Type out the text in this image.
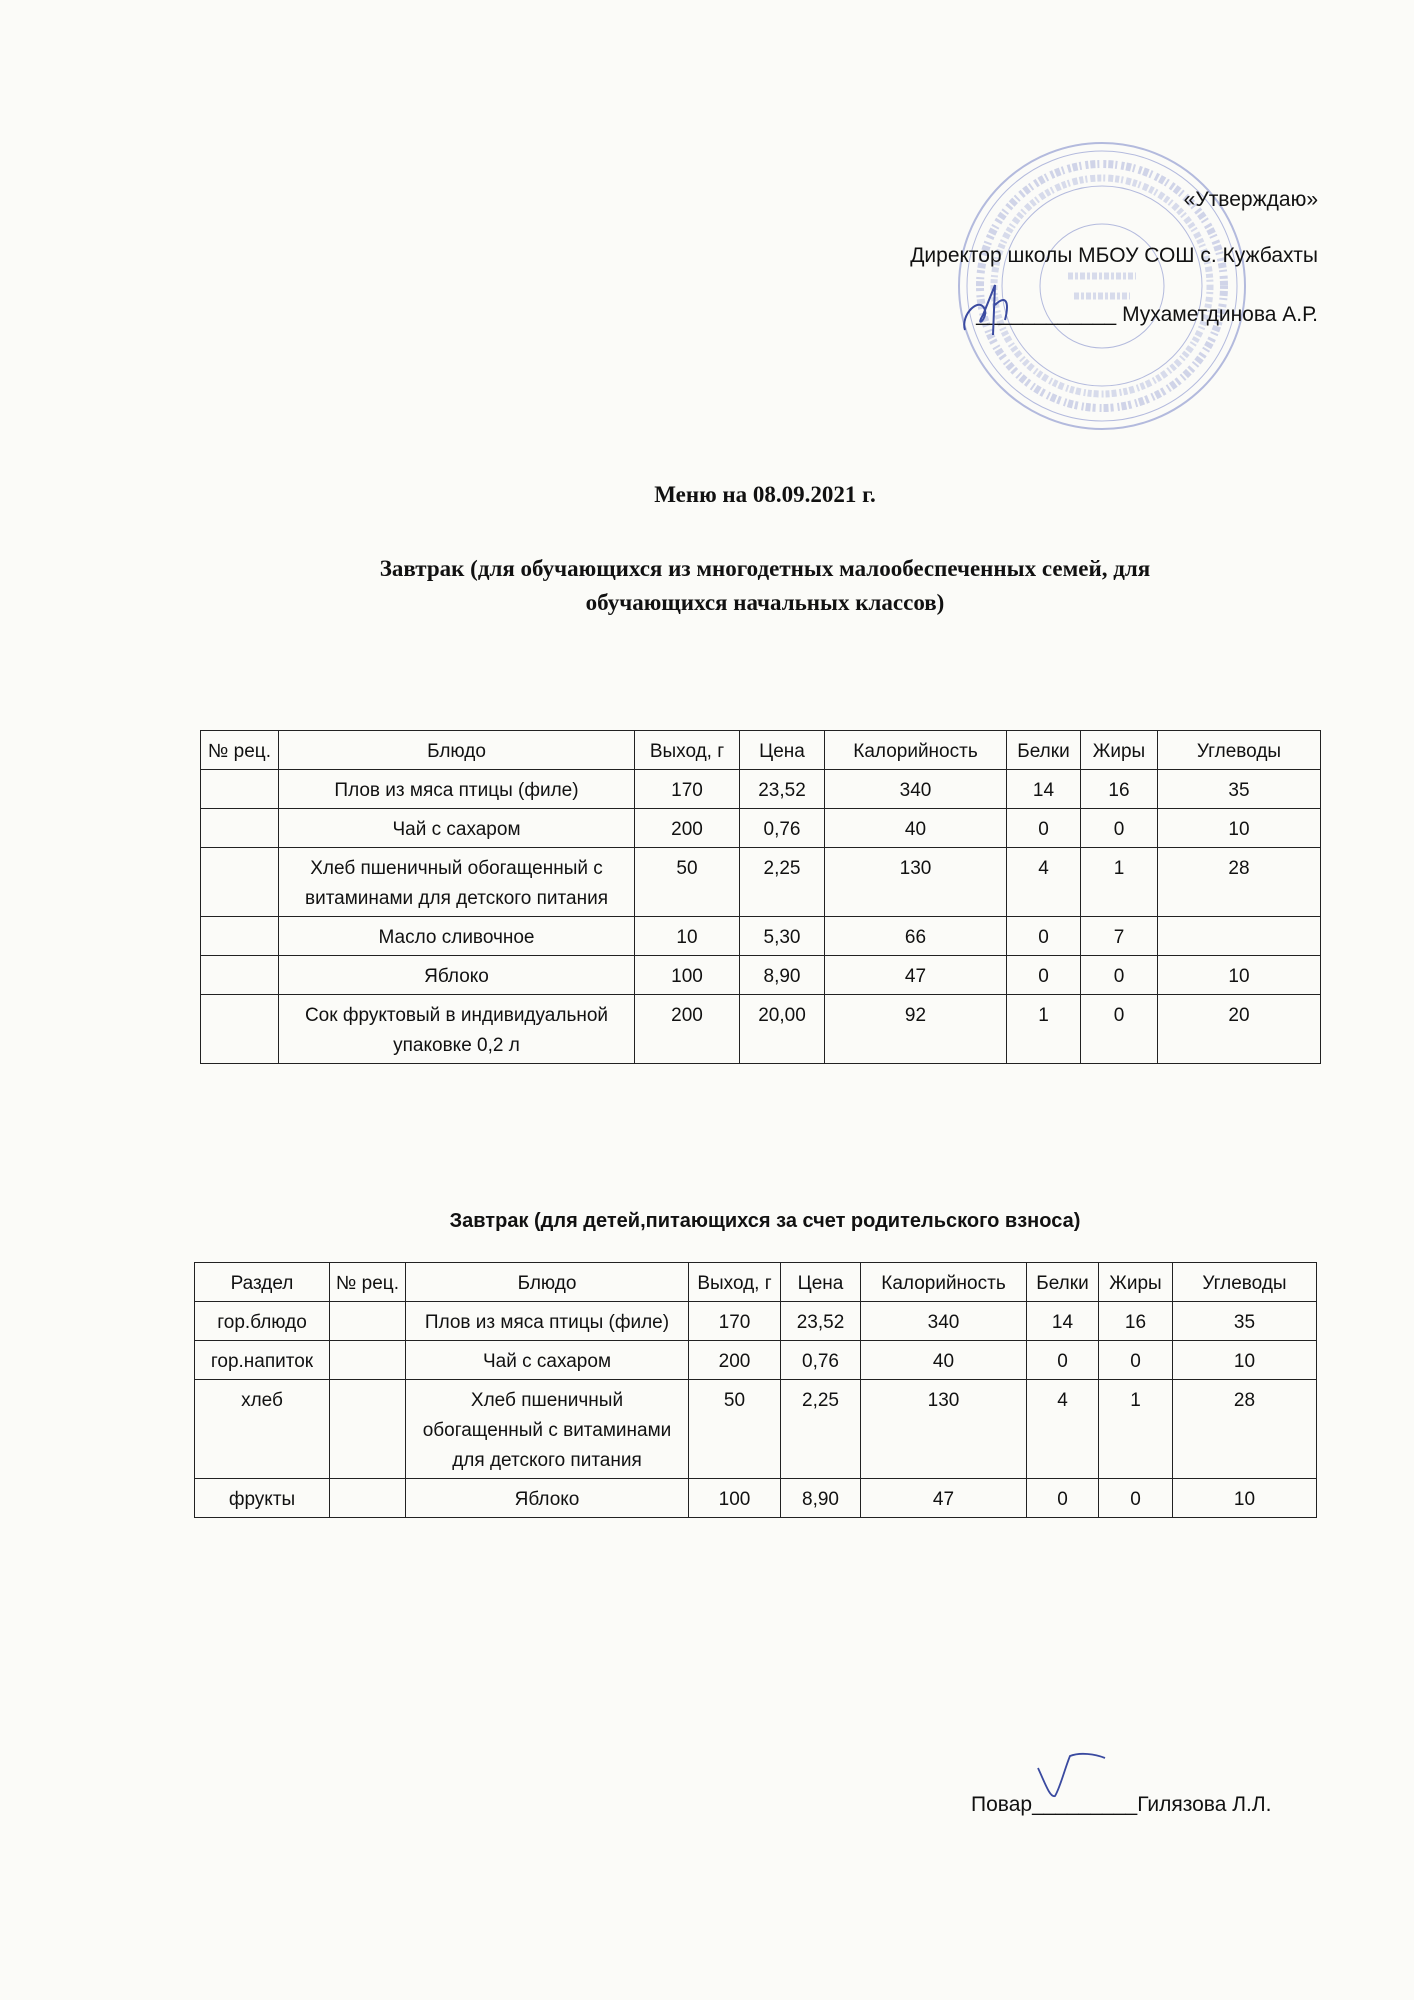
«Утверждаю»
Директор школы МБОУ СОШ с. Кужбахты
____________ Мухаметдинова А.Р.
Меню на 08.09.2021 г.
Завтрак (для обучающихся из многодетных малообеспеченных семей, для
обучающихся начальных классов)
№ рец.	Блюдо	Выход, г	Цена	Калорийность	Белки	Жиры	Углеводы
	Плов из мяса птицы (филе)	170	23,52	340	14	16	35
	Чай с сахаром	200	0,76	40	0	0	10
	Хлеб пшеничный обогащенный с витаминами для детского питания	50	2,25	130	4	1	28
	Масло сливочное	10	5,30	66	0	7	
	Яблоко	100	8,90	47	0	0	10
	Сок фруктовый в индивидуальной упаковке 0,2 л	200	20,00	92	1	0	20
Завтрак (для детей,питающихся за счет родительского взноса)
Раздел	№ рец.	Блюдо	Выход, г	Цена	Калорийность	Белки	Жиры	Углеводы
гор.блюдо		Плов из мяса птицы (филе)	170	23,52	340	14	16	35
гор.напиток		Чай с сахаром	200	0,76	40	0	0	10
хлеб		Хлеб пшеничный обогащенный с витаминами для детского питания	50	2,25	130	4	1	28
фрукты		Яблоко	100	8,90	47	0	0	10
Повар_________Гилязова Л.Л.
